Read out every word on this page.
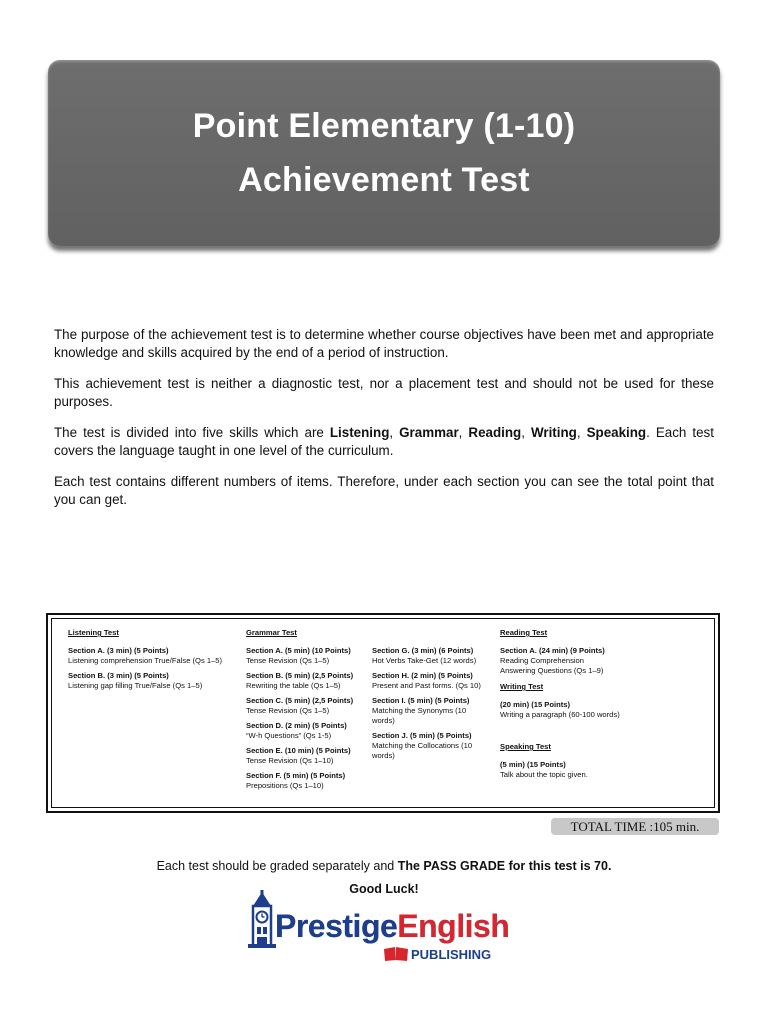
Point Elementary (1-10)
Achievement Test

The purpose of the achievement test is to determine whether course objectives have been met and appropriate knowledge and skills acquired by the end of a period of instruction.

This achievement test is neither a diagnostic test, nor a placement test and should not be used for these purposes.

The test is divided into five skills which are Listening, Grammar, Reading, Writing, Speaking. Each test covers the language taught in one level of the curriculum.

Each test contains different numbers of items. Therefore, under each section you can see the total point that you can get.

Listening Test
Section A. (3 min) (5 Points)
Listening comprehension True/False (Qs 1–5)
Section B. (3 min) (5 Points)
Listening gap filling True/False (Qs 1–5)
Grammar Test
Section A. (5 min) (10 Points)
Tense Revision (Qs 1–5)
Section B. (5 min) (2,5 Points)
Rewriting the table (Qs 1–5)
Section C. (5 min) (2,5 Points)
Tense Revision (Qs 1–5)
Section D. (2 min) (5 Points)
“W-h Questions” (Qs 1-5)
Section E. (10 min) (5 Points)
Tense Revision (Qs 1–10)
Section F. (5 min) (5 Points)
Prepositions (Qs 1–10)
Section G. (3 min) (6 Points)
Hot Verbs Take-Get (12 words)
Section H. (2 min) (5 Points)
Present and Past forms. (Qs 10)
Section I. (5 min) (5 Points)
Matching the Synonyms (10 words)
Section J. (5 min) (5 Points)
Matching the Collocations (10 words)
Reading Test
Section A. (24 min) (9 Points)
Reading Comprehension
Answering Questions (Qs 1–9)
Writing Test
(20 min) (15 Points)
Writing a paragraph (60-100 words)
Speaking Test
(5 min) (15 Points)
Talk about the topic given.
TOTAL TIME :105 min.
Each test should be graded separately and The PASS GRADE for this test is 70.
Good Luck!
PrestigeEnglish
PUBLISHING
